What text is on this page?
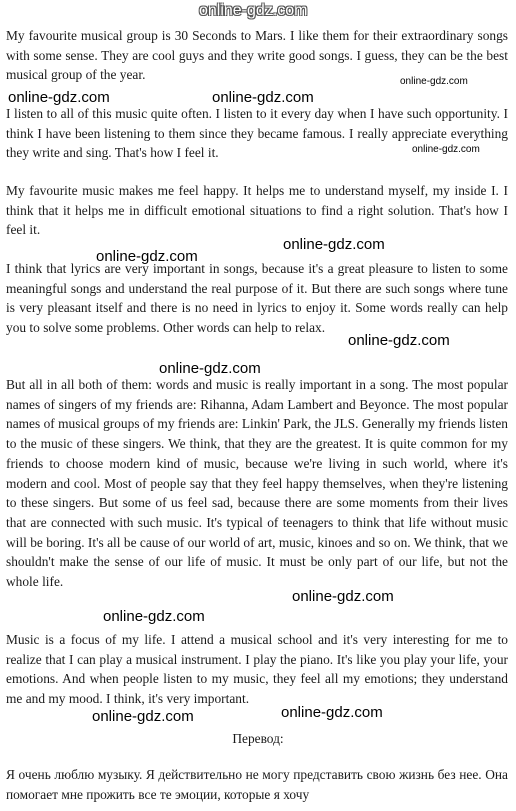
online-gdz.com

My favourite musical group is 30 Seconds to Mars. I like them for their extraordinary songs with some sense. They are cool guys and they write good songs. I guess, they can be the best musical group of the year.

I listen to all of this music quite often. I listen to it every day when I have such opportunity. I think I have been listening to them since they became famous. I really appreciate everything they write and sing. That's how I feel it.

My favourite music makes me feel happy. It helps me to understand myself, my inside I. I think that it helps me in difficult emotional situations to find a right solution. That's how I feel it.

I think that lyrics are very important in songs, because it's a great pleasure to listen to some meaningful songs and understand the real purpose of it. But there are such songs where tune is very pleasant itself and there is no need in lyrics to enjoy it. Some words really can help you to solve some problems. Other words can help to relax.

But all in all both of them: words and music is really important in a song. The most popular names of singers of my friends are: Rihanna, Adam Lambert and Beyonce. The most popular names of musical groups of my friends are: Linkin' Park, the JLS. Generally my friends listen to the music of these singers. We think, that they are the greatest. It is quite common for my friends to choose modern kind of music, because we're living in such world, where it's modern and cool. Most of people say that they feel happy themselves, when they're listening to these singers. But some of us feel sad, because there are some moments from their lives that are connected with such music. It's typical of teenagers to think that life without music will be boring. It's all be cause of our world of art, music, kinoes and so on. We think, that we shouldn't make the sense of our life of music. It must be only part of our life, but not the whole life.

Music is a focus of my life. I attend a musical school and it's very interesting for me to realize that I can play a musical instrument. I play the piano. It's like you play your life, your emotions. And when people listen to my music, they feel all my emotions; they understand me and my mood. I think, it's very important.

Перевод:

Я очень люблю музыку. Я действительно не могу представить свою жизнь без нее. Она помогает мне прожить все те эмоции, которые я хочу

online-gdz.com
online-gdz.com	online-gdz.com
online-gdz.com
online-gdz.com
online-gdz.com
online-gdz.com
online-gdz.com
online-gdz.com
online-gdz.com
online-gdz.com	online-gdz.com
